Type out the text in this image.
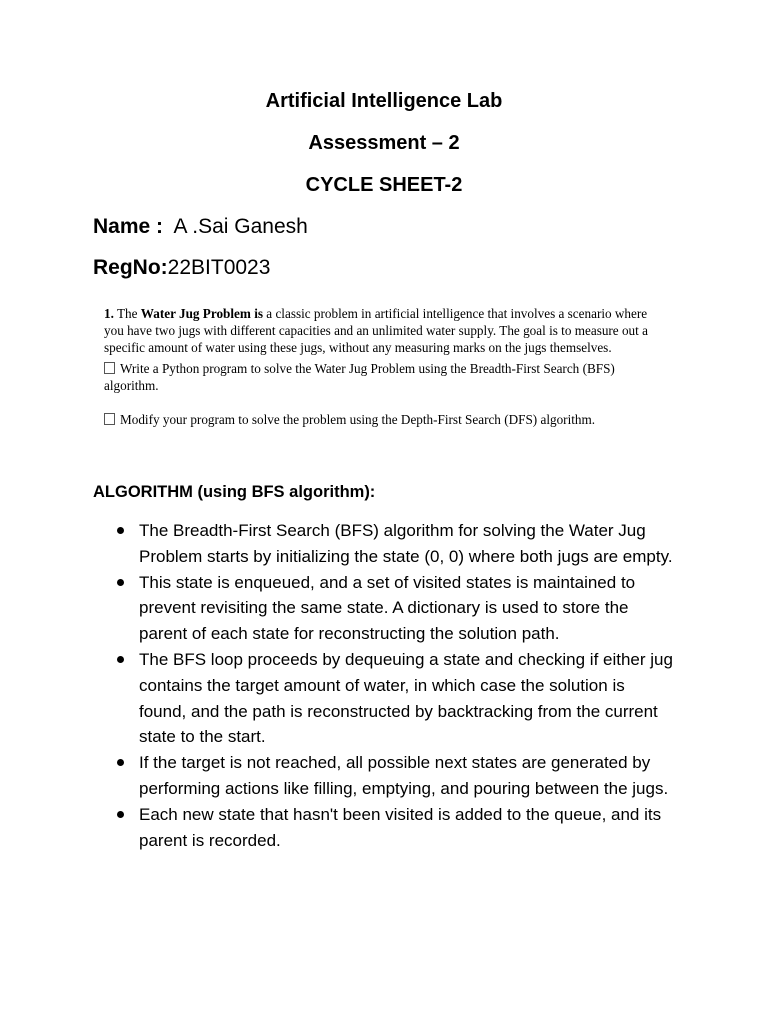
Artificial Intelligence Lab
Assessment – 2
CYCLE SHEET-2
Name : A .Sai Ganesh
RegNo:22BIT0023

1. The Water Jug Problem is a classic problem in artificial intelligence that involves a scenario where you have two jugs with different capacities and an unlimited water supply. The goal is to measure out a specific amount of water using these jugs, without any measuring marks on the jugs themselves.

Write a Python program to solve the Water Jug Problem using the Breadth-First Search (BFS) algorithm.

Modify your program to solve the problem using the Depth-First Search (DFS) algorithm.

ALGORITHM (using BFS algorithm):
The Breadth-First Search (BFS) algorithm for solving the Water Jug Problem starts by initializing the state (0, 0) where both jugs are empty.
This state is enqueued, and a set of visited states is maintained to prevent revisiting the same state. A dictionary is used to store the parent of each state for reconstructing the solution path.
The BFS loop proceeds by dequeuing a state and checking if either jug contains the target amount of water, in which case the solution is found, and the path is reconstructed by backtracking from the current state to the start.
If the target is not reached, all possible next states are generated by performing actions like filling, emptying, and pouring between the jugs.
Each new state that hasn't been visited is added to the queue, and its parent is recorded.
